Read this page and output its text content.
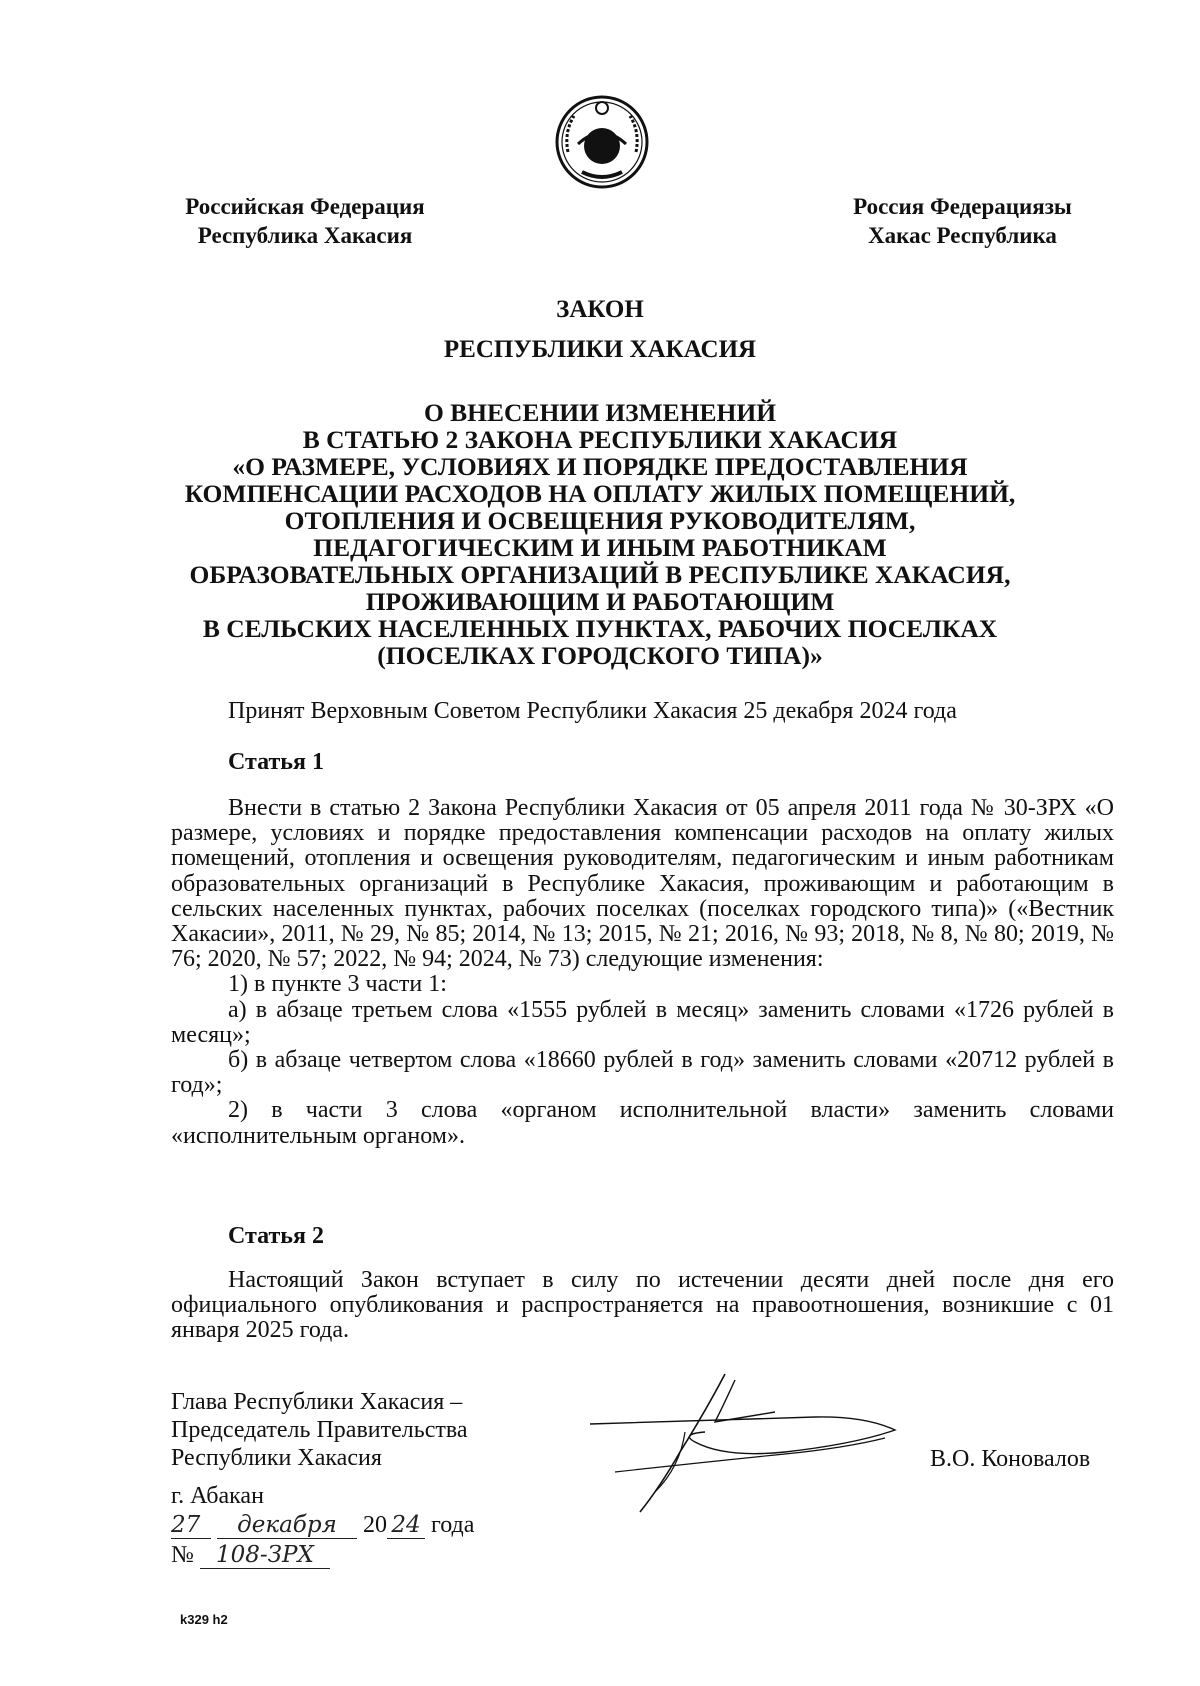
Российская Федерация
Республика Хакасия
Россия Федерациязы
Хакас Республика
ЗАКОН
РЕСПУБЛИКИ ХАКАСИЯ
О ВНЕСЕНИИ ИЗМЕНЕНИЙ
В СТАТЬЮ 2 ЗАКОНА РЕСПУБЛИКИ ХАКАСИЯ
«О РАЗМЕРЕ, УСЛОВИЯХ И ПОРЯДКЕ ПРЕДОСТАВЛЕНИЯ
КОМПЕНСАЦИИ РАСХОДОВ НА ОПЛАТУ ЖИЛЫХ ПОМЕЩЕНИЙ,
ОТОПЛЕНИЯ И ОСВЕЩЕНИЯ РУКОВОДИТЕЛЯМ,
ПЕДАГОГИЧЕСКИМ И ИНЫМ РАБОТНИКАМ
ОБРАЗОВАТЕЛЬНЫХ ОРГАНИЗАЦИЙ В РЕСПУБЛИКЕ ХАКАСИЯ,
ПРОЖИВАЮЩИМ И РАБОТАЮЩИМ
В СЕЛЬСКИХ НАСЕЛЕННЫХ ПУНКТАХ, РАБОЧИХ ПОСЕЛКАХ
(ПОСЕЛКАХ ГОРОДСКОГО ТИПА)»
Принят Верховным Советом Республики Хакасия 25 декабря 2024 года
Статья 1

Внести в статью 2 Закона Республики Хакасия от 05 апреля 2011 года № 30-ЗРХ «О размере, условиях и порядке предоставления компенсации расходов на оплату жилых помещений, отопления и освещения руководителям, педагогическим и иным работникам образовательных организаций в Республике Хакасия, проживающим и работающим в сельских населенных пунктах, рабочих поселках (поселках городского типа)» («Вестник Хакасии», 2011, № 29, № 85; 2014, № 13; 2015, № 21; 2016, № 93; 2018, № 8, № 80; 2019, № 76; 2020, № 57; 2022, № 94; 2024, № 73) следующие изменения:

1) в пункте 3 части 1:

а) в абзаце третьем слова «1555 рублей в месяц» заменить словами «1726 рублей в месяц»;

б) в абзаце четвертом слова «18660 рублей в год» заменить словами «20712 рублей в год»;

2) в части 3 слова «органом исполнительной власти» заменить словами «исполнительным органом».

Статья 2

Настоящий Закон вступает в силу по истечении десяти дней после дня его официального опубликования и распространяется на правоотношения, возникшие с 01 января 2025 года.

Глава Республики Хакасия –
Председатель Правительства
Республики Хакасия	В.О. Коновалов
г. Абакан
27 декабря 20 24 года
№ 108-ЗРХ
k329 h2
